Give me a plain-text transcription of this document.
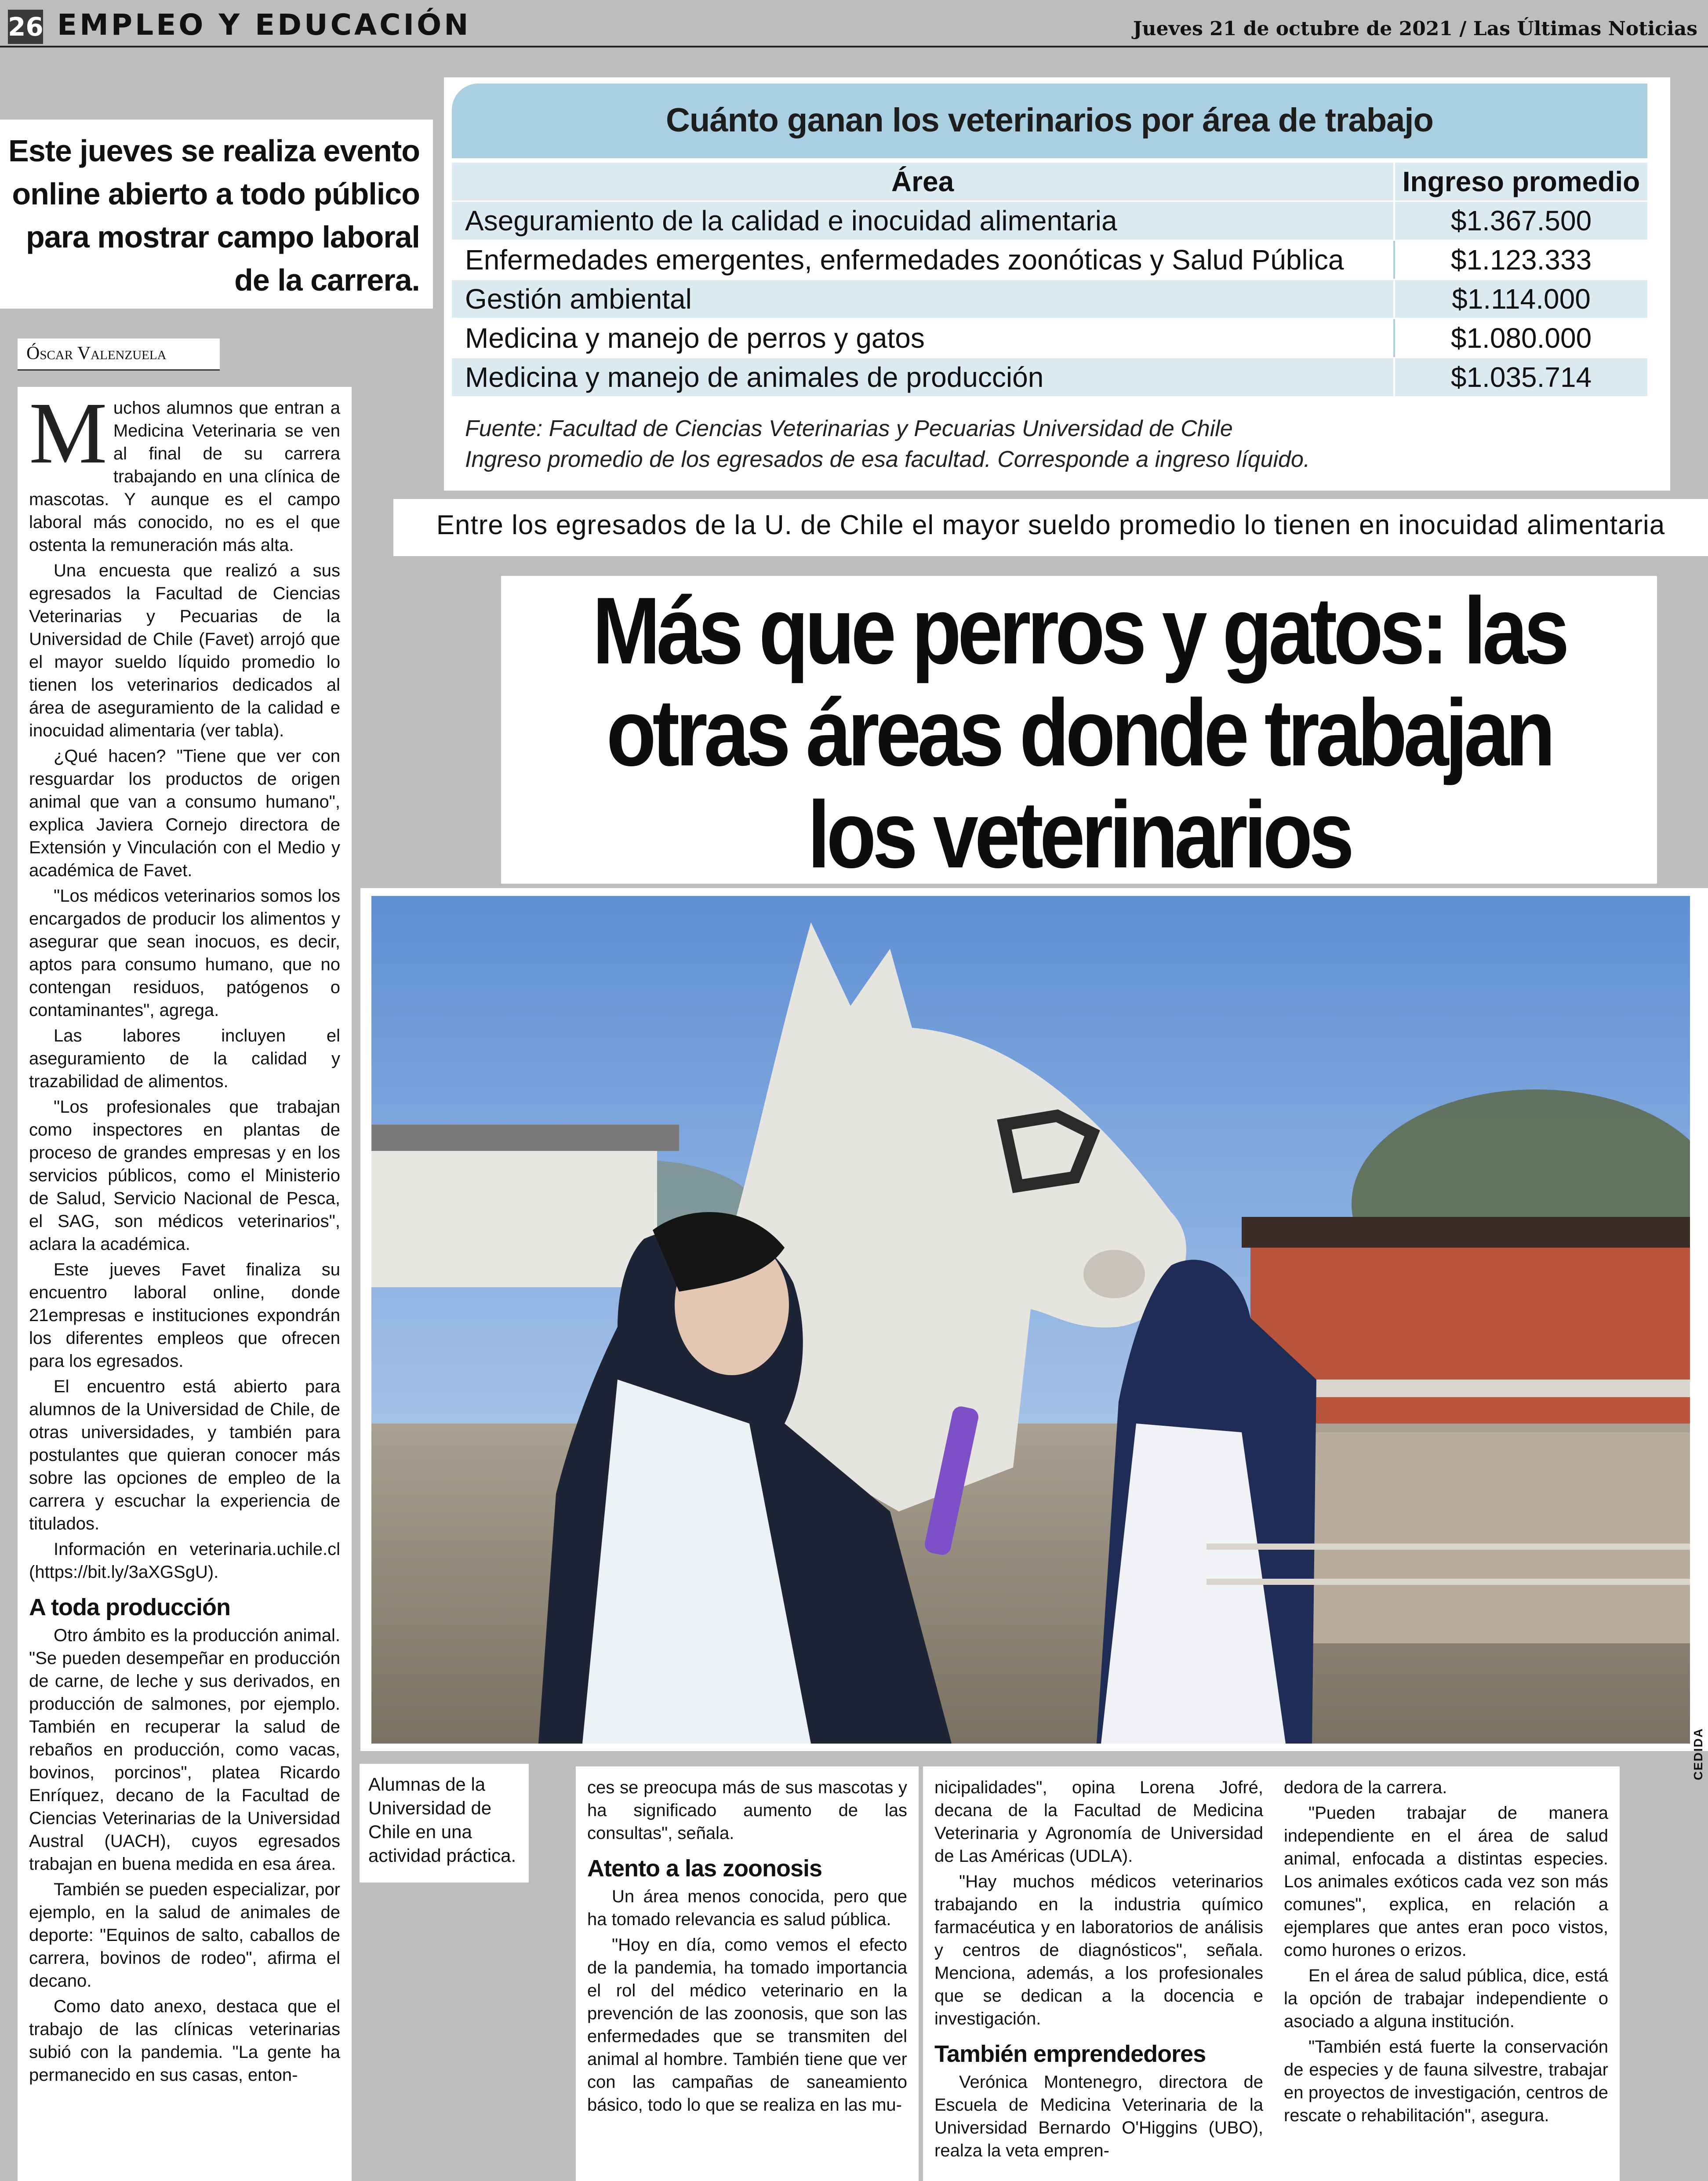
26 EMPLEO Y EDUCACIÓN	Jueves 21 de octubre de 2021 / Las Últimas Noticias

Este jueves se realiza evento online abierto a todo público para mostrar campo laboral de la carrera.

Óscar Valenzuela
Cuánto ganan los veterinarios por área de trabajo
Área	Ingreso promedio
Aseguramiento de la calidad e inocuidad alimentaria	$1.367.500
Enfermedades emergentes, enfermedades zoonóticas y Salud Pública	$1.123.333
Gestión ambiental	$1.114.000
Medicina y manejo de perros y gatos	$1.080.000
Medicina y manejo de animales de producción	$1.035.714
Fuente: Facultad de Ciencias Veterinarias y Pecuarias Universidad de Chile
Ingreso promedio de los egresados de esa facultad. Corresponde a ingreso líquido.
Entre los egresados de la U. de Chile el mayor sueldo promedio lo tienen en inocuidad alimentaria
Más que perros y gatos: las
otras áreas donde trabajan
los veterinarios
CEDIDA

Alumnas de la Universidad de Chile en una actividad práctica.

Muchos alumnos que entran a Medicina Veterinaria se ven al final de su carrera trabajando en una clínica de mascotas. Y aunque es el campo laboral más conocido, no es el que ostenta la remuneración más alta.

Una encuesta que realizó a sus egresados la Facultad de Ciencias Veterinarias y Pecuarias de la Universidad de Chile (Favet) arrojó que el mayor sueldo líquido promedio lo tienen los veterinarios dedicados al área de aseguramiento de la calidad e inocuidad alimentaria (ver tabla).

¿Qué hacen? "Tiene que ver con resguardar los productos de origen animal que van a consumo humano", explica Javiera Cornejo directora de Extensión y Vinculación con el Medio y académica de Favet.

"Los médicos veterinarios somos los encargados de producir los alimentos y asegurar que sean inocuos, es decir, aptos para consumo humano, que no contengan residuos, patógenos o contaminantes", agrega.

Las labores incluyen el aseguramiento de la calidad y trazabilidad de alimentos.

"Los profesionales que trabajan como inspectores en plantas de proceso de grandes empresas y en los servicios públicos, como el Ministerio de Salud, Servicio Nacional de Pesca, el SAG, son médicos veterinarios", aclara la académica.

Este jueves Favet finaliza su encuentro laboral online, donde 21empresas e instituciones expondrán los diferentes empleos que ofrecen para los egresados.

El encuentro está abierto para alumnos de la Universidad de Chile, de otras universidades, y también para postulantes que quieran conocer más sobre las opciones de empleo de la carrera y escuchar la experiencia de titulados.

Información en veterinaria.uchile.cl (https://bit.ly/3aXGSgU).

A toda producción

Otro ámbito es la producción animal. "Se pueden desempeñar en producción de carne, de leche y sus derivados, en producción de salmones, por ejemplo. También en recuperar la salud de rebaños en producción, como vacas, bovinos, porcinos", platea Ricardo Enríquez, decano de la Facultad de Ciencias Veterinarias de la Universidad Austral (UACH), cuyos egresados trabajan en buena medida en esa área.

También se pueden especializar, por ejemplo, en la salud de animales de deporte: "Equinos de salto, caballos de carrera, bovinos de rodeo", afirma el decano.

Como dato anexo, destaca que el trabajo de las clínicas veterinarias subió con la pandemia. "La gente ha permanecido en sus casas, enton-

ces se preocupa más de sus mascotas y ha significado aumento de las consultas", señala.

Atento a las zoonosis

Un área menos conocida, pero que ha tomado relevancia es salud pública.

"Hoy en día, como vemos el efecto de la pandemia, ha tomado importancia el rol del médico veterinario en la prevención de las zoonosis, que son las enfermedades que se transmiten del animal al hombre. También tiene que ver con las campañas de saneamiento básico, todo lo que se realiza en las mu-

nicipalidades", opina Lorena Jofré, decana de la Facultad de Medicina Veterinaria y Agronomía de Universidad de Las Américas (UDLA).

"Hay muchos médicos veterinarios trabajando en la industria químico farmacéutica y en laboratorios de análisis y centros de diagnósticos", señala. Menciona, además, a los profesionales que se dedican a la docencia e investigación.

También emprendedores

Verónica Montenegro, directora de Escuela de Medicina Veterinaria de la Universidad Bernardo O'Higgins (UBO), realza la veta empren-

dedora de la carrera.

"Pueden trabajar de manera independiente en el área de salud animal, enfocada a distintas especies. Los animales exóticos cada vez son más comunes", explica, en relación a ejemplares que antes eran poco vistos, como hurones o erizos.

En el área de salud pública, dice, está la opción de trabajar independiente o asociado a alguna institución.

"También está fuerte la conservación de especies y de fauna silvestre, trabajar en proyectos de investigación, centros de rescate o rehabilitación", asegura.
